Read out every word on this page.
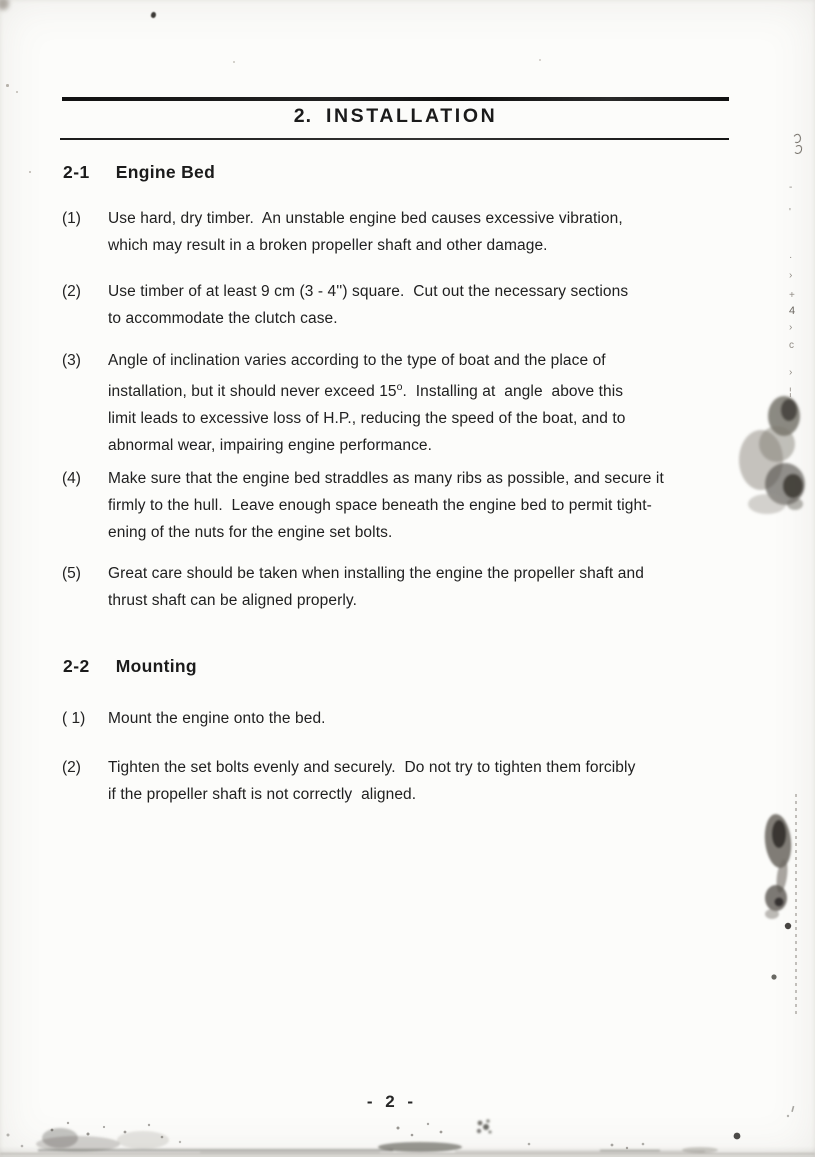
2. INSTALLATION
2-1 Engine Bed
(1)	Use hard, dry timber.  An unstable engine bed causes excessive vibration,
which may result in a broken propeller shaft and other damage.
(2)	Use timber of at least 9 cm (3 - 4'') square.  Cut out the necessary sections
to accommodate the clutch case.
(3)	Angle of inclination varies according to the type of boat and the place of
installation, but it should never exceed 15$^o$.  Installing at  angle  above this
limit leads to excessive loss of H.P., reducing the speed of the boat, and to
abnormal wear, impairing engine performance.
(4)	Make sure that the engine bed straddles as many ribs as possible, and secure it
firmly to the hull.  Leave enough space beneath the engine bed to permit tight-
ening of the nuts for the engine set bolts.
(5)	Great care should be taken when installing the engine the propeller shaft and
thrust shaft can be aligned properly.
2-2 Mounting
( 1)	Mount the engine onto the bed.
(2)	Tighten the set bolts evenly and securely.  Do not try to tighten them forcibly
if the propeller shaft is not correctly  aligned.
- 2 -
-
'
·
›
+
4
›
c
›
¦
